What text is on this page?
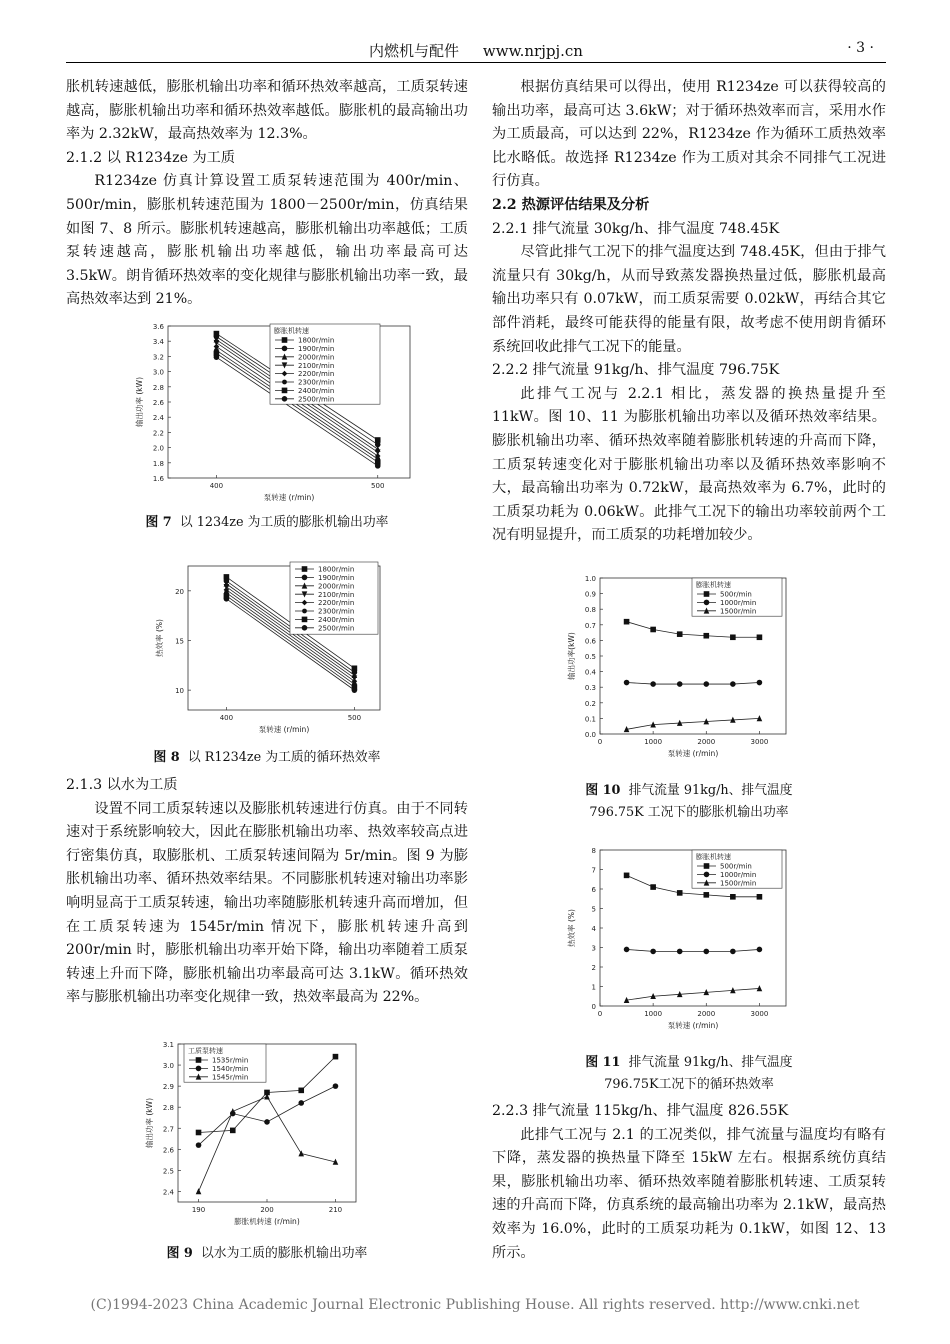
内燃机与配件 www.nrjpj.cn	· 3 ·

胀机转速越低，膨胀机输出功率和循环热效率越高，工质泵转速越高，膨胀机输出功率和循环热效率越低。膨胀机的最高输出功率为 2.32kW，最高热效率为 12.3%。

2.1.2 以 R1234ze 为工质

R1234ze 仿真计算设置工质泵转速范围为 400r/min、500r/min，膨胀机转速范围为 1800－2500r/min，仿真结果如图 7、8 所示。膨胀机转速越高，膨胀机输出功率越低；工质泵转速越高，膨胀机输出功率越低，输出功率最高可达 3.5kW。朗肯循环热效率的变化规律与膨胀机输出功率一致，最高热效率达到 21%。

1.6
1.8
2.0
2.2
2.4
2.6
2.8
3.0
3.2
3.4
3.6
400	500
泵转速 (r/min)
输出功率 (kW)
膨胀机转速
1800r/min
1900r/min
2000r/min
2100r/min
2200r/min
2300r/min
2400r/min
2500r/min
图 7 以 1234ze 为工质的膨胀机输出功率
10
15
20
400	500
泵转速 (r/min)
热效率 (%)
1800r/min
1900r/min
2000r/min
2100r/min
2200r/min
2300r/min
2400r/min
2500r/min
图 8 以 R1234ze 为工质的循环热效率

2.1.3 以水为工质

设置不同工质泵转速以及膨胀机转速进行仿真。由于不同转速对于系统影响较大，因此在膨胀机输出功率、热效率较高点进行密集仿真，取膨胀机、工质泵转速间隔为 5r/min。图 9 为膨胀机输出功率、循环热效率结果。不同膨胀机转速对输出功率影响明显高于工质泵转速，输出功率随膨胀机转速升高而增加，但在工质泵转速为 1545r/min 情况下，膨胀机转速升高到 200r/min 时，膨胀机输出功率开始下降，输出功率随着工质泵转速上升而下降，膨胀机输出功率最高可达 3.1kW。循环热效率与膨胀机输出功率变化规律一致，热效率最高为 22%。

2.4
2.5
2.6
2.7
2.8
2.9
3.0
3.1
190	200	210
膨胀机转速 (r/min)
输出功率 (kW)
工质泵转速
1535r/min
1540r/min
1545r/min
图 9 以水为工质的膨胀机输出功率

根据仿真结果可以得出，使用 R1234ze 可以获得较高的输出功率，最高可达 3.6kW；对于循环热效率而言，采用水作为工质最高，可以达到 22%，R1234ze 作为循环工质热效率比水略低。故选择 R1234ze 作为工质对其余不同排气工况进行仿真。

2.2 热源评估结果及分析

2.2.1 排气流量 30kg/h、排气温度 748.45K

尽管此排气工况下的排气温度达到 748.45K，但由于排气流量只有 30kg/h，从而导致蒸发器换热量过低，膨胀机最高输出功率只有 0.07kW，而工质泵需要 0.02kW，再结合其它部件消耗，最终可能获得的能量有限，故考虑不使用朗肯循环系统回收此排气工况下的能量。

2.2.2 排气流量 91kg/h、排气温度 796.75K

此排气工况与 2.2.1 相比，蒸发器的换热量提升至 11kW。图 10、11 为膨胀机输出功率以及循环热效率结果。膨胀机输出功率、循环热效率随着膨胀机转速的升高而下降，工质泵转速变化对于膨胀机输出功率以及循环热效率影响不大，最高输出功率为 0.72kW，最高热效率为 6.7%，此时的工质泵功耗为 0.06kW。此排气工况下的输出功率较前两个工况有明显提升，而工质泵的功耗增加较少。

0.0
0.1
0.2
0.3
0.4
0.5
0.6
0.7
0.8
0.9
1.0
0	1000	2000	3000
泵转速 (r/min)
输出功率(kW)
膨胀机转速
500r/min
1000r/min
1500r/min
图 10 排气流量 91kg/h、排气温度
796.75K 工况下的膨胀机输出功率
0
1
2
3
4
5
6
7
8
0	1000	2000	3000
泵转速 (r/min)
热效率 (%)
膨胀机转速
500r/min
1000r/min
1500r/min
图 11 排气流量 91kg/h、排气温度
796.75K工况下的循环热效率

2.2.3 排气流量 115kg/h、排气温度 826.55K

此排气工况与 2.1 的工况类似，排气流量与温度均有略有下降，蒸发器的换热量下降至 15kW 左右。根据系统仿真结果，膨胀机输出功率、循环热效率随着膨胀机转速、工质泵转速的升高而下降，仿真系统的最高输出功率为 2.1kW，最高热效率为 16.0%，此时的工质泵功耗为 0.1kW，如图 12、13 所示。

(C)1994-2023 China Academic Journal Electronic Publishing House. All rights reserved. http://www.cnki.net
